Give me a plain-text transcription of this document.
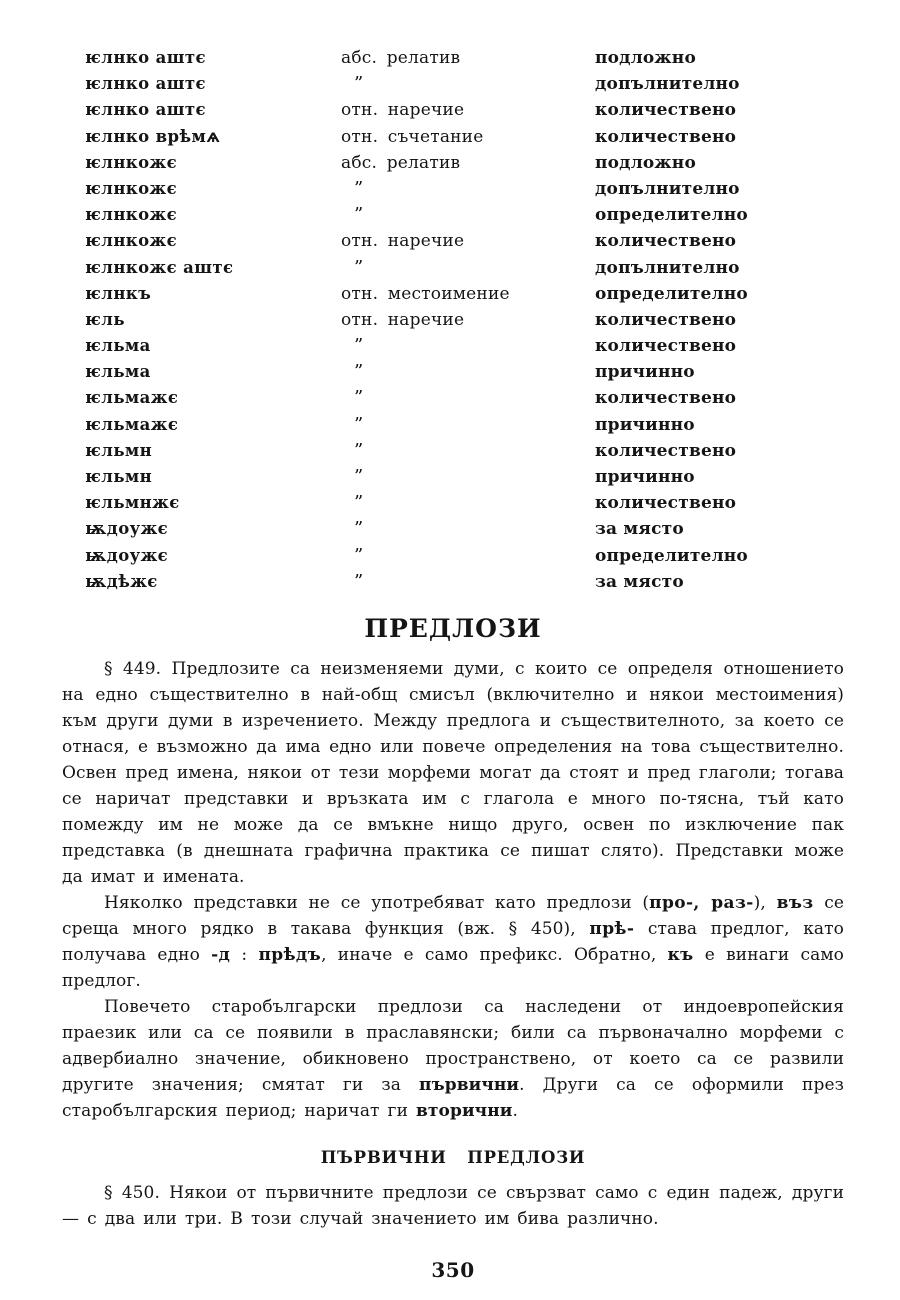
ѥлнко аштє	абс. релатив	подложно
ѥлнко аштє	”	допълнително
ѥлнко аштє	отн. наречие	количествено
ѥлнко врѣмѧ	отн. съчетание	количествено
ѥлнкожє	абс. релатив	подложно
ѥлнкожє	”	допълнително
ѥлнкожє	”	определително
ѥлнкожє	отн. наречие	количествено
ѥлнкожє аштє	”	допълнително
ѥлнкъ	отн. местоимение	определително
ѥль	отн. наречие	количествено
ѥльма	”	количествено
ѥльма	”	причинно
ѥльмажє	”	количествено
ѥльмажє	”	причинно
ѥльмн	”	количествено
ѥльмн	”	причинно
ѥльмнжє	”	количествено
ѭдоужє	”	за място
ѭдоужє	”	определително
ѭдѣжє	”	за място
ПРЕДЛОЗИ

§ 449. Предлозите са неизменяеми думи, с които се определя отношението на едно съществително в най-общ смисъл (включително и някои местоимения) към други думи в изречението. Между предлога и съществителното, за което се отнася, е възможно да има едно или повече определения на това съществително. Освен пред имена, някои от тези морфеми могат да стоят и пред глаголи; тогава се наричат представки и връзката им с глагола е много по-тясна, тъй като помежду им не може да се вмъкне нищо друго, освен по изключение пак представка (в днешната графична практика се пишат слято). Представки може да имат и имената.

Няколко представки не се употребяват като предлози (про-, раз-), въз се среща много рядко в такава функция (вж. § 450), прѣ- става предлог, като получава едно -д : прѣдъ, иначе е само префикс. Обратно, къ е винаги само предлог.

Повечето старобългарски предлози са наследени от индоевропейския праезик или са се появили в праславянски; били са първоначално морфеми с адвербиално значение, обикновено пространствено, от което са се развили другите значения; смятат ги за първични. Други са се оформили през старобългарския период; наричат ги вторични.

ПЪРВИЧНИ ПРЕДЛОЗИ

§ 450. Някои от първичните предлози се свързват само с един падеж, други — с два или три. В този случай значението им бива различно.

350
